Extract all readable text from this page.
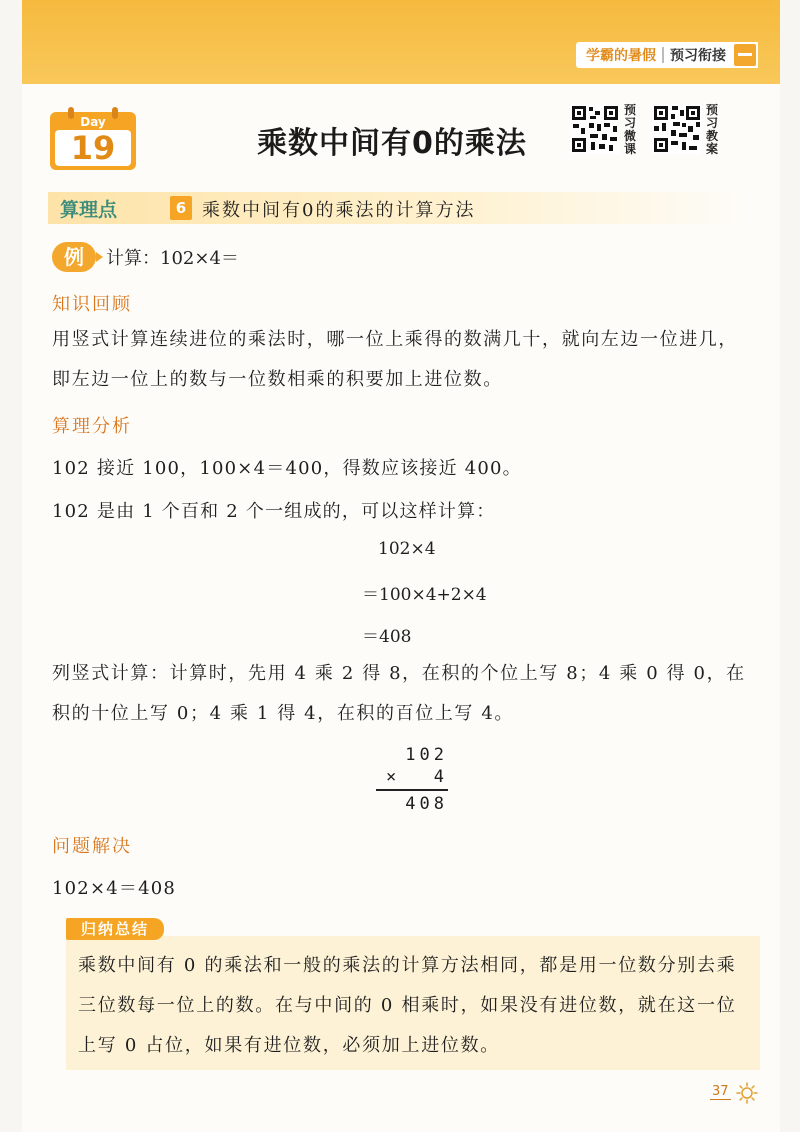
学霸的暑假	预习衔接
Day
19	乘数中间有0的乘法
预
习
微
课
预
习
教
案
算理点	6 乘数中间有0的乘法的计算方法
例	计算：102×4＝
知识回顾
用竖式计算连续进位的乘法时，哪一位上乘得的数满几十，就向左边一位进几，即左边一位上的数与一位数相乘的积要加上进位数。
算理分析
102 接近 100，100×4＝400，得数应该接近 400。
102 是由 1 个百和 2 个一组成的，可以这样计算：
102×4
＝100×4+2×4
＝408
列竖式计算：计算时，先用 4 乘 2 得 8，在积的个位上写 8；4 乘 0 得 0，在积的十位上写 0；4 乘 1 得 4，在积的百位上写 4。
102
× 4
408
问题解决
102×4＝408
乘数中间有 0 的乘法和一般的乘法的计算方法相同，都是用一位数分别去乘三位数每一位上的数。在与中间的 0 相乘时，如果没有进位数，就在这一位上写 0 占位，如果有进位数，必须加上进位数。
归纳总结
37
